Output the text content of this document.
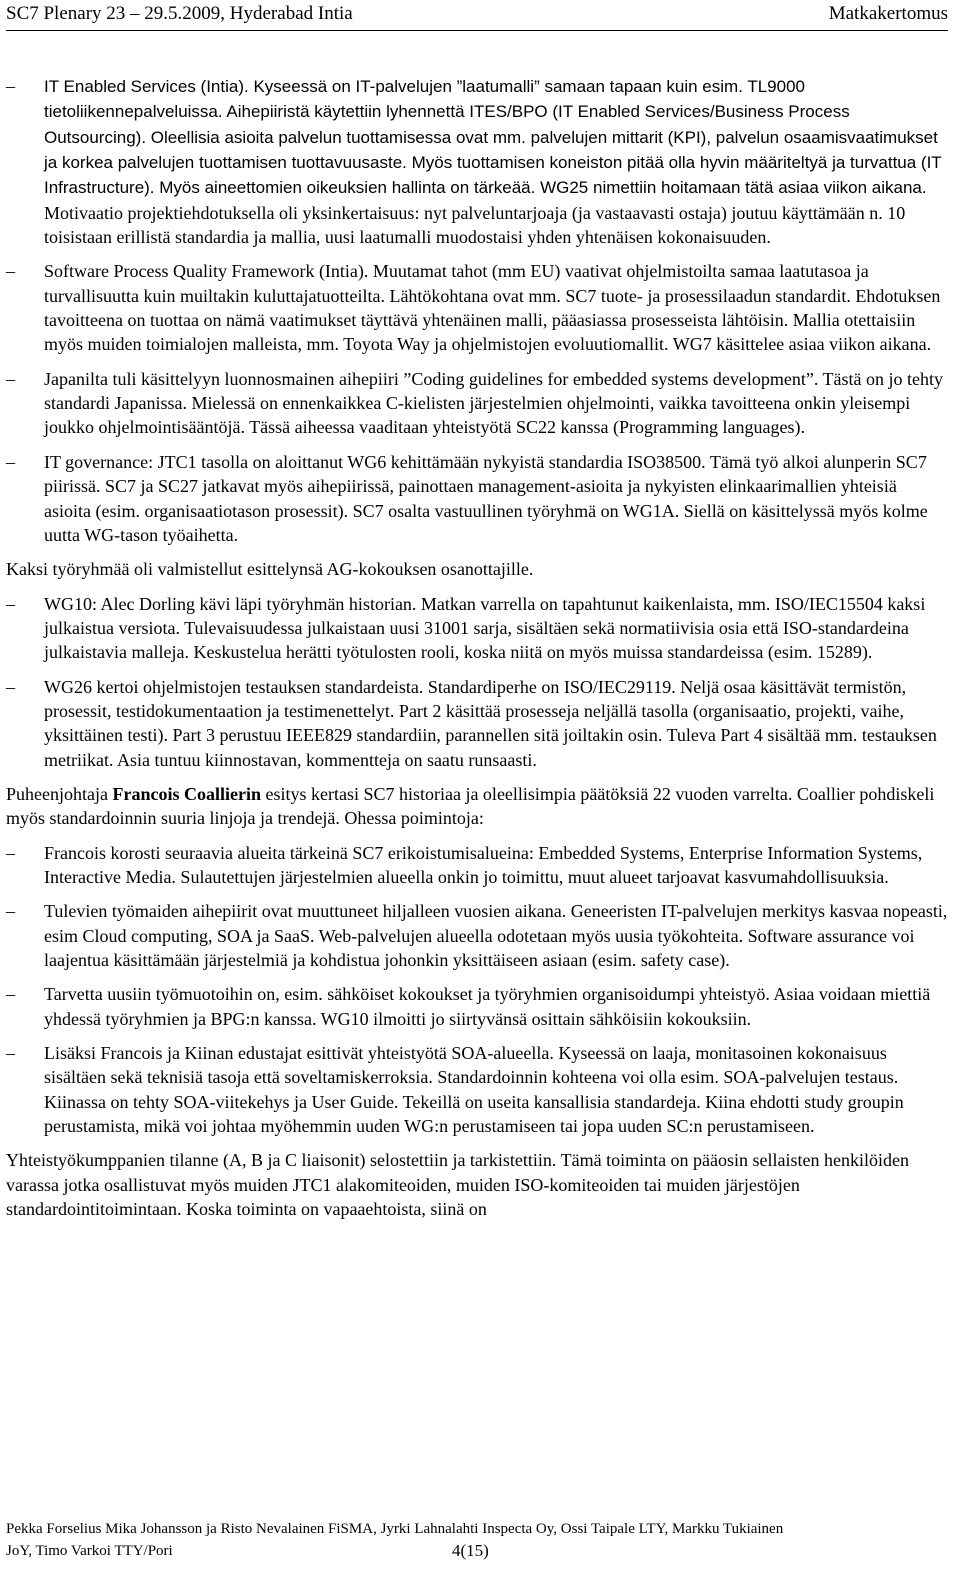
SC7 Plenary 23 – 29.5.2009, Hyderabad Intia	Matkakertomus
–	IT Enabled Services (Intia). Kyseessä on IT-palvelujen ”laatumalli” samaan tapaan kuin esim. TL9000 tietoliikennepalveluissa. Aihepiiristä käytettiin lyhennettä ITES/BPO (IT Enabled Services/Business Process Outsourcing). Oleellisia asioita palvelun tuottamisessa ovat mm. palvelujen mittarit (KPI), palvelun osaamisvaatimukset ja korkea palvelujen tuottamisen tuottavuusaste. Myös tuottamisen koneiston pitää olla hyvin määriteltyä ja turvattua (IT Infrastructure). Myös aineettomien oikeuksien hallinta on tärkeää. WG25 nimettiin hoitamaan tätä asiaa viikon aikana. Motivaatio projektiehdotuksella oli yksinkertaisuus: nyt palveluntarjoaja (ja vastaavasti ostaja) joutuu käyttämään n. 10 toisistaan erillistä standardia ja mallia, uusi laatumalli muodostaisi yhden yhtenäisen kokonaisuuden.
–	Software Process Quality Framework (Intia). Muutamat tahot (mm EU) vaativat ohjelmistoilta samaa laatutasoa ja turvallisuutta kuin muiltakin kuluttajatuotteilta. Lähtökohtana ovat mm. SC7 tuote- ja prosessilaadun standardit. Ehdotuksen tavoitteena on tuottaa on nämä vaatimukset täyttävä yhtenäinen malli, pääasiassa prosesseista lähtöisin. Mallia otettaisiin myös muiden toimialojen malleista, mm. Toyota Way ja ohjelmistojen evoluutiomallit. WG7 käsittelee asiaa viikon aikana.
–	Japanilta tuli käsittelyyn luonnosmainen aihepiiri ”Coding guidelines for embedded systems development”. Tästä on jo tehty standardi Japanissa. Mielessä on ennenkaikkea C-kielisten järjestelmien ohjelmointi, vaikka tavoitteena onkin yleisempi joukko ohjelmointisääntöjä. Tässä aiheessa vaaditaan yhteistyötä SC22 kanssa (Programming languages).
–	IT governance: JTC1 tasolla on aloittanut WG6 kehittämään nykyistä standardia ISO38500. Tämä työ alkoi alunperin SC7 piirissä. SC7 ja SC27 jatkavat myös aihepiirissä, painottaen management-asioita ja nykyisten elinkaarimallien yhteisiä asioita (esim. organisaatiotason prosessit). SC7 osalta vastuullinen työryhmä on WG1A. Siellä on käsittelyssä myös kolme uutta WG-tason työaihetta.
Kaksi työryhmää oli valmistellut esittelynsä AG-kokouksen osanottajille.
–	WG10: Alec Dorling kävi läpi työryhmän historian. Matkan varrella on tapahtunut kaikenlaista, mm. ISO/IEC15504 kaksi julkaistua versiota. Tulevaisuudessa julkaistaan uusi 31001 sarja, sisältäen sekä normatiivisia osia että ISO-standardeina julkaistavia malleja. Keskustelua herätti työtulosten rooli, koska niitä on myös muissa standardeissa (esim. 15289).
–	WG26 kertoi ohjelmistojen testauksen standardeista. Standardiperhe on ISO/IEC29119. Neljä osaa käsittävät termistön, prosessit, testidokumentaation ja testimenettelyt. Part 2 käsittää prosesseja neljällä tasolla (organisaatio, projekti, vaihe, yksittäinen testi). Part 3 perustuu IEEE829 standardiin, parannellen sitä joiltakin osin. Tuleva Part 4 sisältää mm. testauksen metriikat. Asia tuntuu kiinnostavan, kommentteja on saatu runsaasti.
Puheenjohtaja Francois Coallierin esitys kertasi SC7 historiaa ja oleellisimpia päätöksiä 22 vuoden varrelta. Coallier pohdiskeli myös standardoinnin suuria linjoja ja trendejä. Ohessa poimintoja:
–	Francois korosti seuraavia alueita tärkeinä SC7 erikoistumisalueina: Embedded Systems, Enterprise Information Systems, Interactive Media. Sulautettujen järjestelmien alueella onkin jo toimittu, muut alueet tarjoavat kasvumahdollisuuksia.
–	Tulevien työmaiden aihepiirit ovat muuttuneet hiljalleen vuosien aikana. Geneeristen IT-palvelujen merkitys kasvaa nopeasti, esim Cloud computing, SOA ja SaaS. Web-palvelujen alueella odotetaan myös uusia työkohteita. Software assurance voi laajentua käsittämään järjestelmiä ja kohdistua johonkin yksittäiseen asiaan (esim. safety case).
–	Tarvetta uusiin työmuotoihin on, esim. sähköiset kokoukset ja työryhmien organisoidumpi yhteistyö. Asiaa voidaan miettiä yhdessä työryhmien ja BPG:n kanssa. WG10 ilmoitti jo siirtyvänsä osittain sähköisiin kokouksiin.
–	Lisäksi Francois ja Kiinan edustajat esittivät yhteistyötä SOA-alueella. Kyseessä on laaja, monitasoinen kokonaisuus sisältäen sekä teknisiä tasoja että soveltamiskerroksia. Standardoinnin kohteena voi olla esim. SOA-palvelujen testaus. Kiinassa on tehty SOA-viitekehys ja User Guide. Tekeillä on useita kansallisia standardeja. Kiina ehdotti study groupin perustamista, mikä voi johtaa myöhemmin uuden WG:n perustamiseen tai jopa uuden SC:n perustamiseen.
Yhteistyökumppanien tilanne (A, B ja C liaisonit) selostettiin ja tarkistettiin. Tämä toiminta on pääosin sellaisten henkilöiden varassa jotka osallistuvat myös muiden JTC1 alakomiteoiden, muiden ISO-komiteoiden tai muiden järjestöjen standardointitoimintaan. Koska toiminta on vapaaehtoista, siinä on
Pekka Forselius Mika Johansson ja Risto Nevalainen FiSMA, Jyrki Lahnalahti Inspecta Oy, Ossi Taipale LTY, Markku Tukiainen
JoY, Timo Varkoi TTY/Pori	4(15)
